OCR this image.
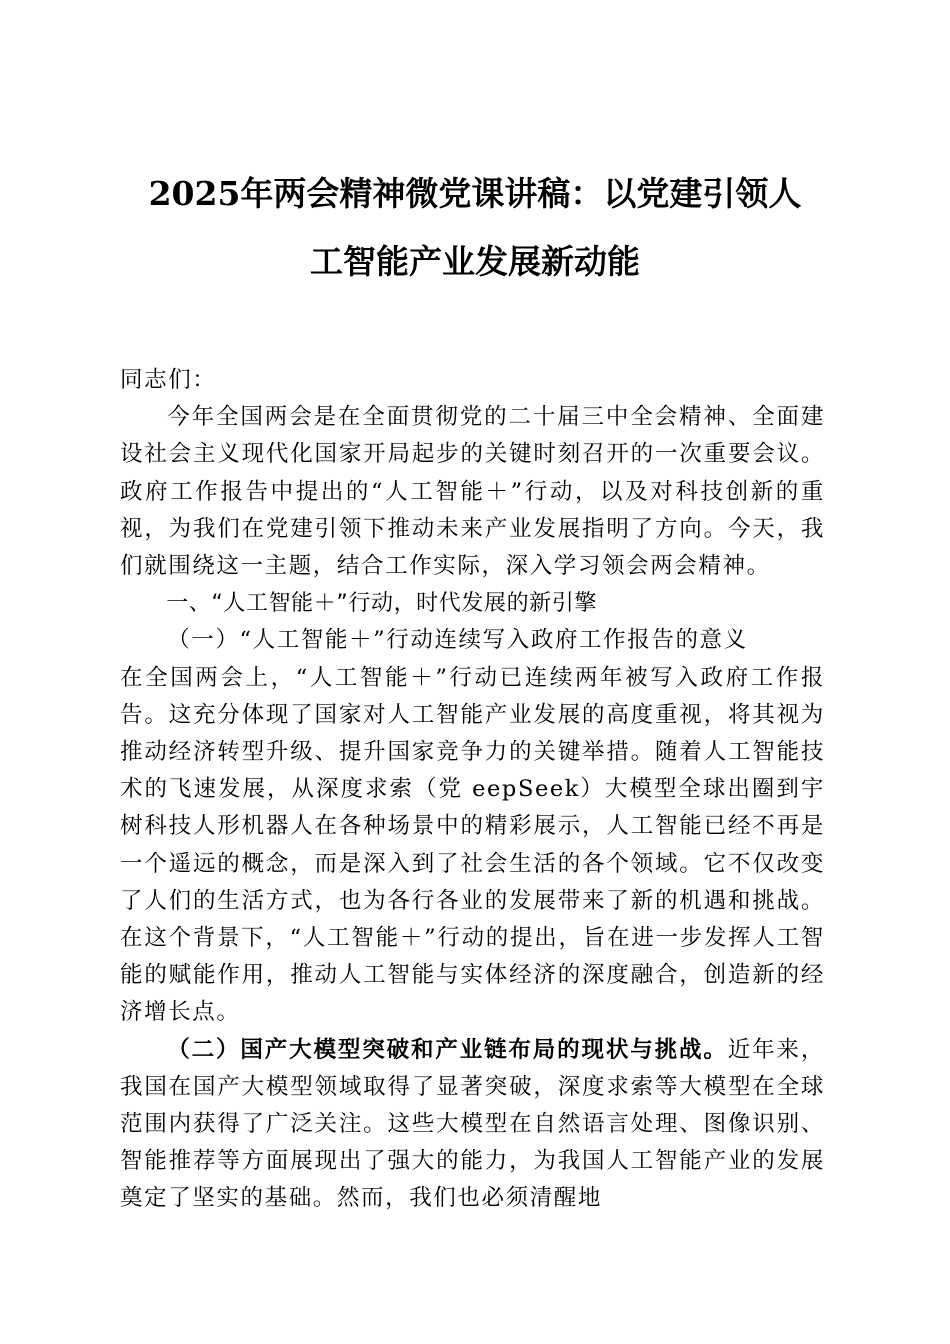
2025年两会精神微党课讲稿：以党建引领人
工智能产业发展新动能

同志们：

今年全国两会是在全面贯彻党的二十届三中全会精神、全面建设社会主义现代化国家开局起步的关键时刻召开的一次重要会议。政府工作报告中提出的“人工智能＋”行动，以及对科技创新的重视，为我们在党建引领下推动未来产业发展指明了方向。今天，我们就围绕这一主题，结合工作实际，深入学习领会两会精神。

一、“人工智能＋”行动，时代发展的新引擎

（一）“人工智能＋”行动连续写入政府工作报告的意义

在全国两会上，“人工智能＋”行动已连续两年被写入政府工作报告。这充分体现了国家对人工智能产业发展的高度重视，将其视为推动经济转型升级、提升国家竞争力的关键举措。随着人工智能技术的飞速发展，从深度求索（党 eepSeek）大模型全球出圈到宇树科技人形机器人在各种场景中的精彩展示，人工智能已经不再是一个遥远的概念，而是深入到了社会生活的各个领域。它不仅改变了人们的生活方式，也为各行各业的发展带来了新的机遇和挑战。在这个背景下，“人工智能＋”行动的提出，旨在进一步发挥人工智能的赋能作用，推动人工智能与实体经济的深度融合，创造新的经济增长点。

（二）国产大模型突破和产业链布局的现状与挑战。近年来，我国在国产大模型领域取得了显著突破，深度求索等大模型在全球范围内获得了广泛关注。这些大模型在自然语言处理、图像识别、智能推荐等方面展现出了强大的能力，为我国人工智能产业的发展奠定了坚实的基础。然而，我们也必须清醒地
